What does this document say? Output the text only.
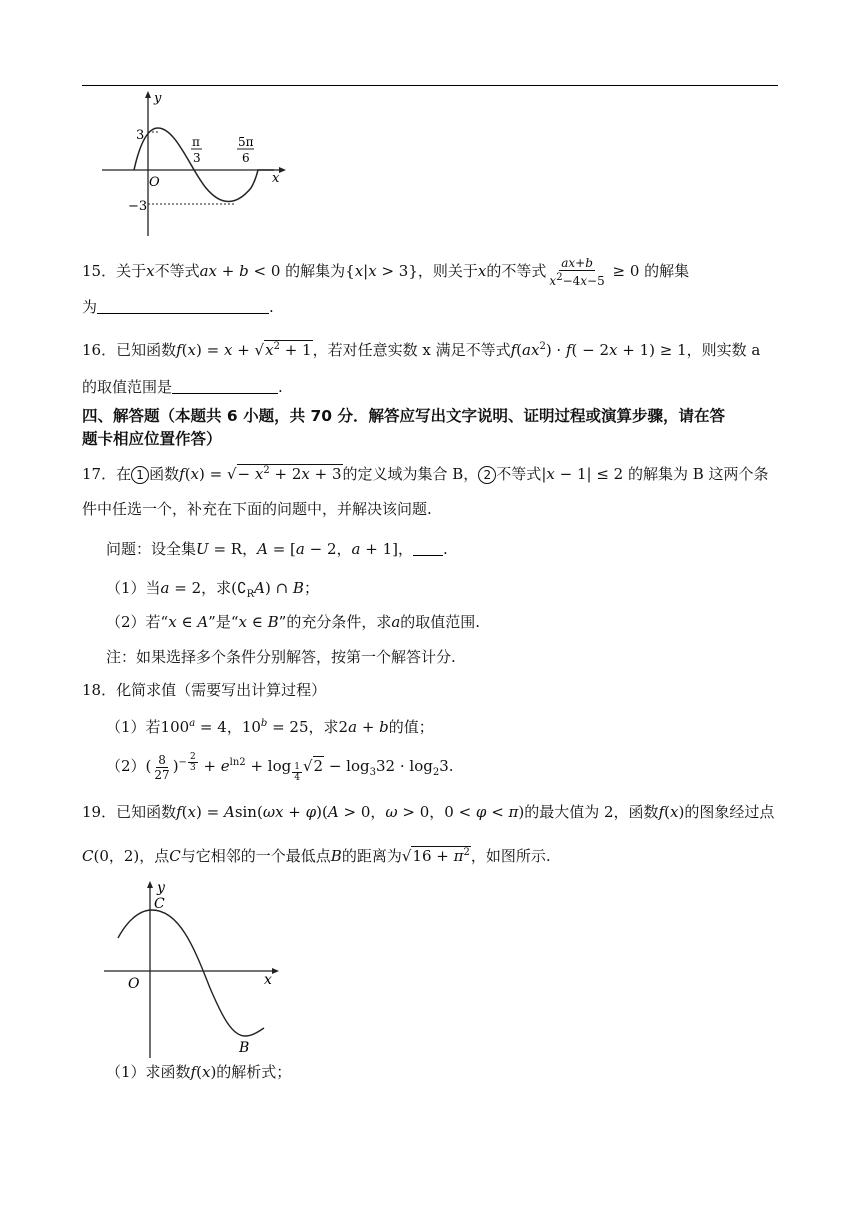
y
x
O
3
−3
π
3
5π
6
15．关于x不等式ax + b < 0 的解集为{x|x > 3}，则关于x的不等式 $\frac{ax+b}{x^2-4x-5} \ge 0$ 的解集
为	.
16．已知函数$f(x) = x + √x^2 + 1$，若对任意实数 x 满足不等式$f(ax^2) \cdot f( - 2x + 1) \ge 1$，则实数 a
的取值范围是	.
四、解答题（本题共 6 小题，共 70 分．解答应写出文字说明、证明过程或演算步骤，请在答
题卡相应位置作答）
17．在 1 函数f(x) = √− $x^2 + 2x + 3$的定义域为集合 B， 2 不等式|x − 1| ≤ 2 的解集为 B 这两个条
件中任选一个，补充在下面的问题中，并解决该问题.
问题：设全集U = R，A = [a − 2，a + 1]， .
（1）当a = 2，求$(∁_RA)$ ∩ B；
（2）若“x ∈ A”是“x ∈ B”的充分条件，求a的取值范围.
注：如果选择多个条件分别解答，按第一个解答计分.
18．化简求值（需要写出计算过程）
（1）若$100^a = 4$，$10^b = 25$，求2a + b的值；
$(2)( \frac{8}{27} )^{- \frac{2}{3}} + e^{ln2} + \log _{\frac{1}{4}}$ $√2 - \log_332 \cdot \log_23$.
19．已知函数f(x) = Asin(ωx + φ)(A > 0，ω > 0，0 < φ < π)的最大值为 2，函数f(x)的图象经过点
C(0，2)，点C与它相邻的一个最低点B的距离为$√16 + \pi^2$，如图所示.
y
x
O
C
B
（1）求函数f(x)的解析式；
